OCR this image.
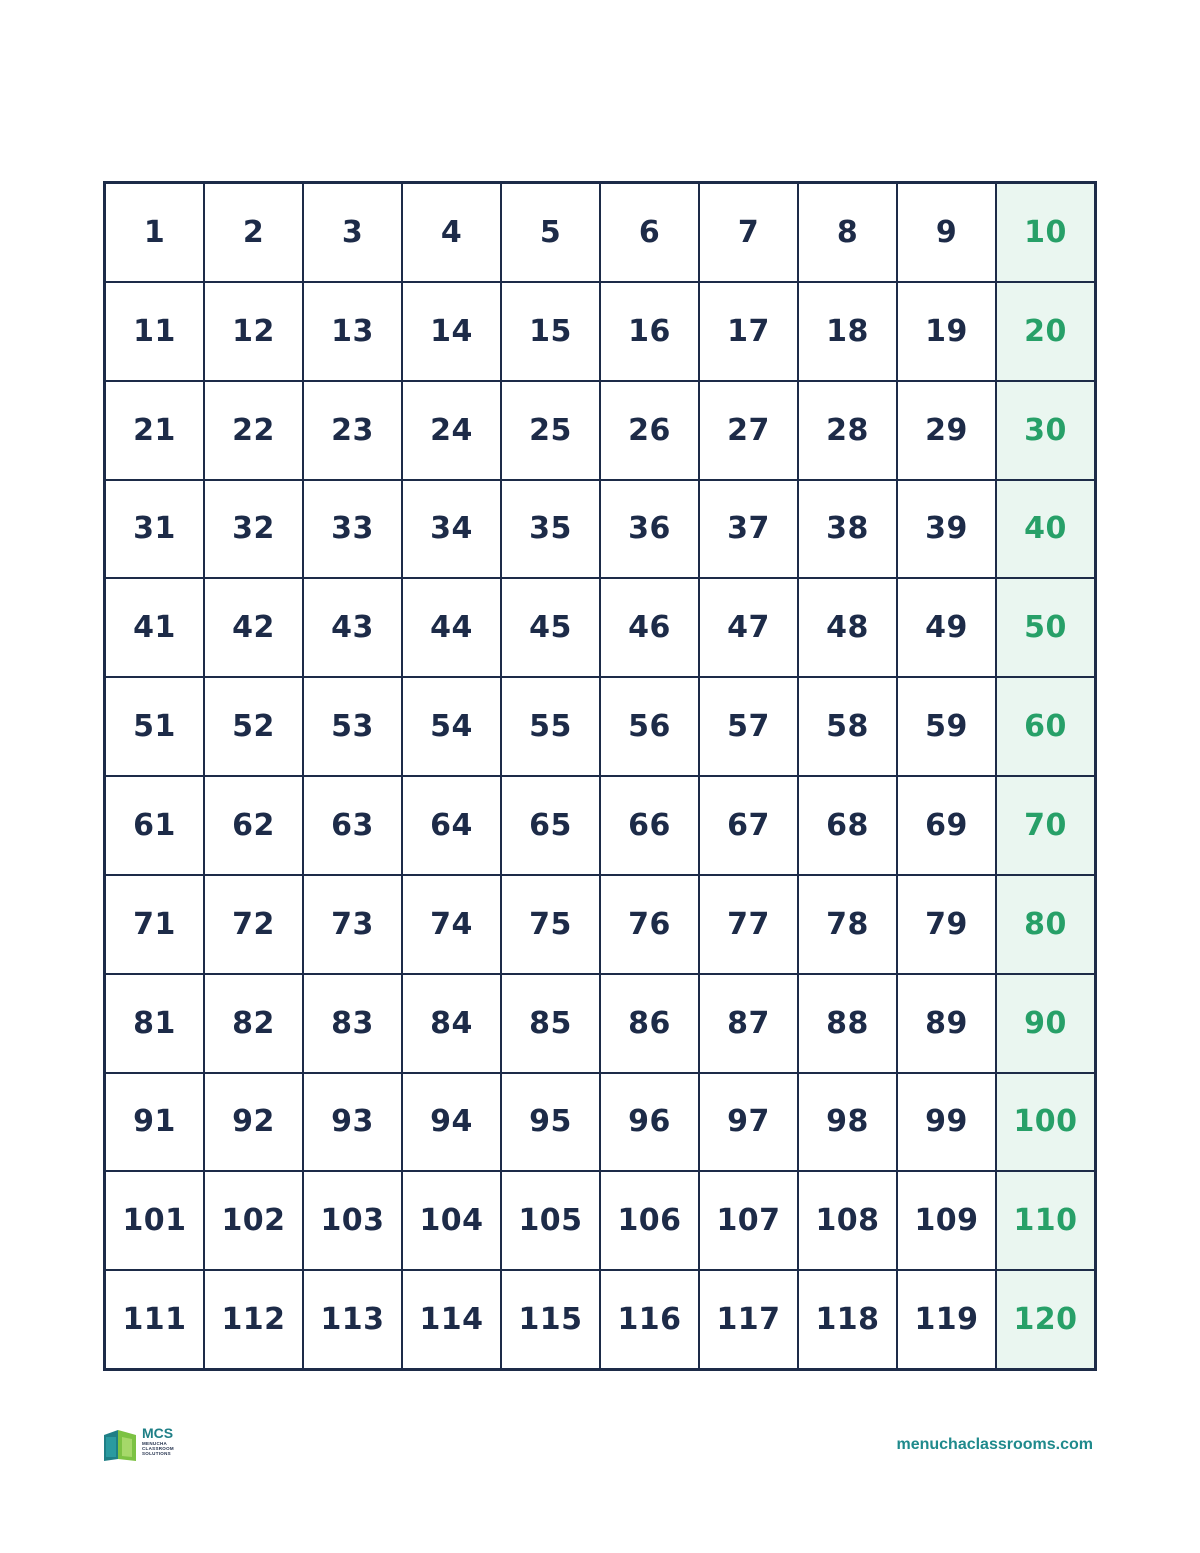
1	2	3	4	5	6	7	8	9	10
11	12	13	14	15	16	17	18	19	20
21	22	23	24	25	26	27	28	29	30
31	32	33	34	35	36	37	38	39	40
41	42	43	44	45	46	47	48	49	50
51	52	53	54	55	56	57	58	59	60
61	62	63	64	65	66	67	68	69	70
71	72	73	74	75	76	77	78	79	80
81	82	83	84	85	86	87	88	89	90
91	92	93	94	95	96	97	98	99	100
101	102	103	104	105	106	107	108	109	110
111	112	113	114	115	116	117	118	119	120
MCS
MENUCHA CLASSROOM SOLUTIONS
menuchaclassrooms.com
